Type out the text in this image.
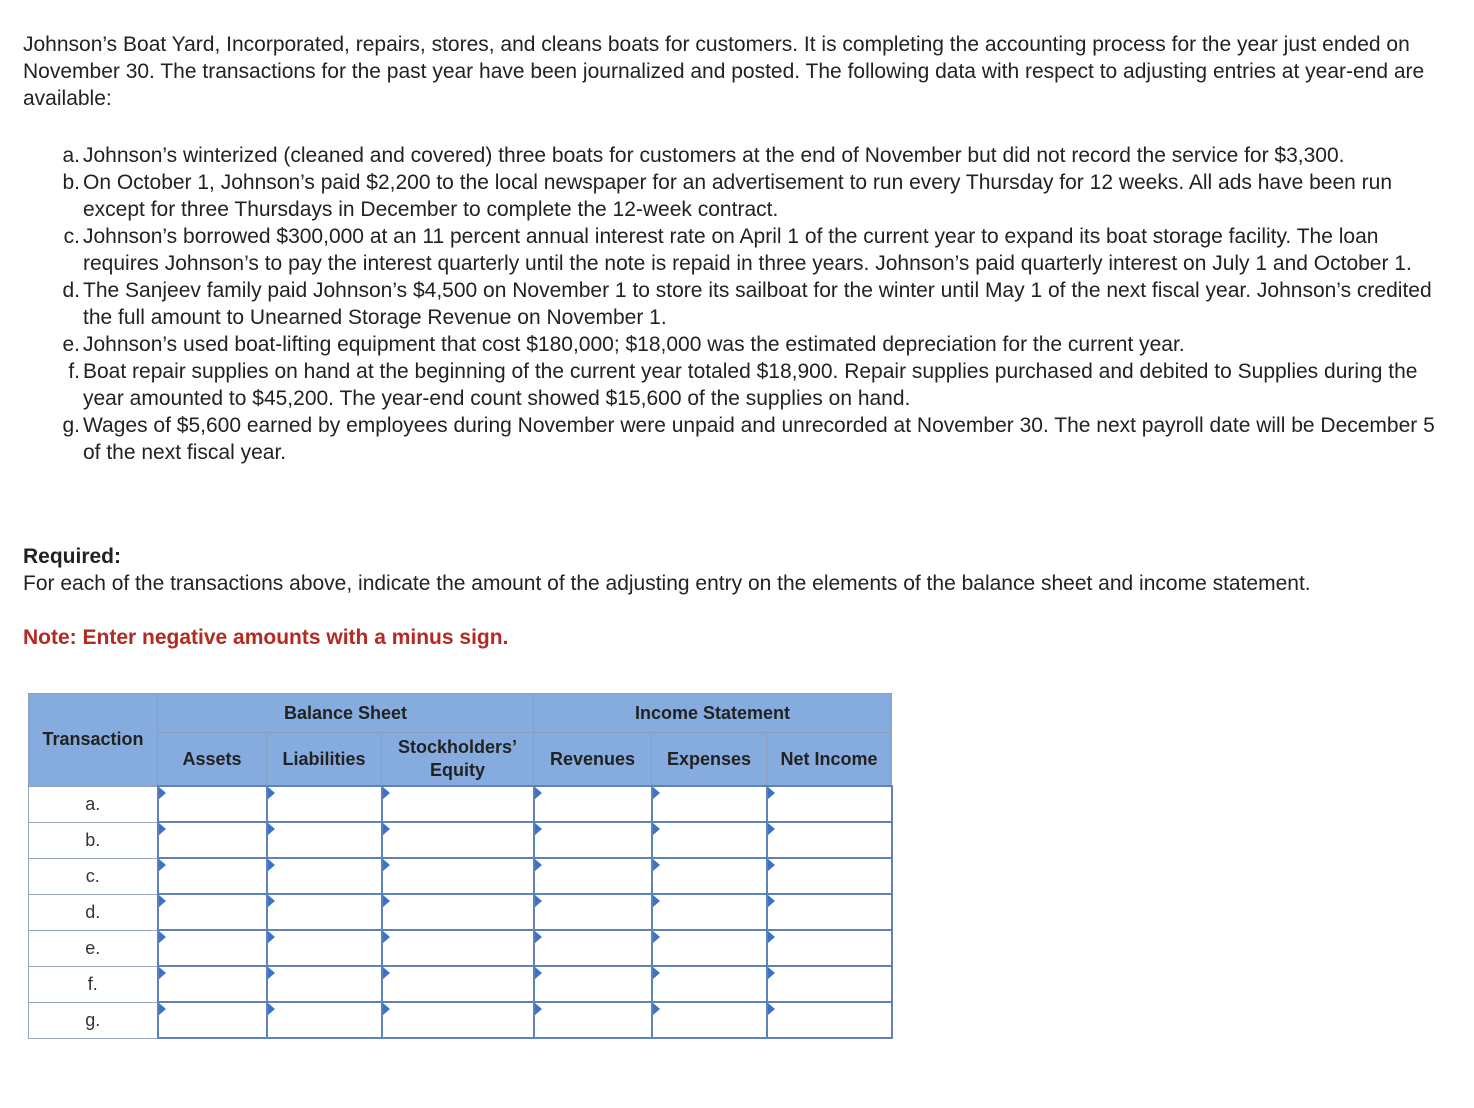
Johnson’s Boat Yard, Incorporated, repairs, stores, and cleans boats for customers. It is completing the accounting process for the year just ended on November 30. The transactions for the past year have been journalized and posted. The following data with respect to adjusting entries at year-end are available:

a. Johnson’s winterized (cleaned and covered) three boats for customers at the end of November but did not record the service for $3,300.
b. On October 1, Johnson’s paid $2,200 to the local newspaper for an advertisement to run every Thursday for 12 weeks. All ads have been run except for three Thursdays in December to complete the 12-week contract.
c. Johnson’s borrowed $300,000 at an 11 percent annual interest rate on April 1 of the current year to expand its boat storage facility. The loan requires Johnson’s to pay the interest quarterly until the note is repaid in three years. Johnson’s paid quarterly interest on July 1 and October 1.
d. The Sanjeev family paid Johnson’s $4,500 on November 1 to store its sailboat for the winter until May 1 of the next fiscal year. Johnson’s credited the full amount to Unearned Storage Revenue on November 1.
e. Johnson’s used boat-lifting equipment that cost $180,000; $18,000 was the estimated depreciation for the current year.
f. Boat repair supplies on hand at the beginning of the current year totaled $18,900. Repair supplies purchased and debited to Supplies during the year amounted to $45,200. The year-end count showed $15,600 of the supplies on hand.
g. Wages of $5,600 earned by employees during November were unpaid and unrecorded at November 30. The next payroll date will be December 5 of the next fiscal year.

Required:

For each of the transactions above, indicate the amount of the adjusting entry on the elements of the balance sheet and income statement.

Note: Enter negative amounts with a minus sign.

Transaction	Balance Sheet			Income Statement		
	Assets	Liabilities	Stockholders’ Equity	Revenues	Expenses	Net Income
a.	

b.	

c.	

d.	

e.	

f.	

g.	
